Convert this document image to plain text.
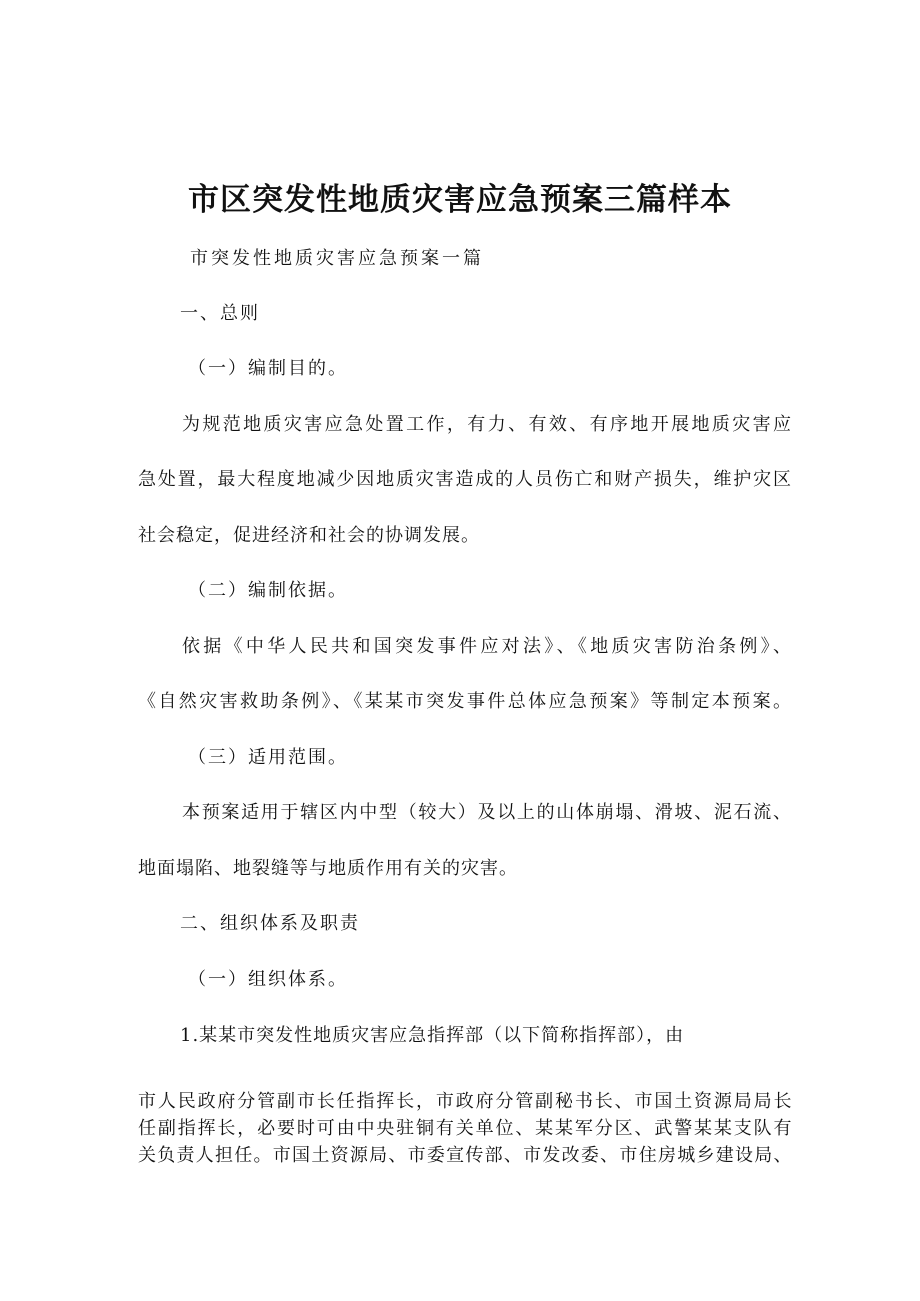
市区突发性地质灾害应急预案三篇样本

市突发性地质灾害应急预案一篇

一、总则

（一）编制目的。

为规范地质灾害应急处置工作，有力、有效、有序地开展地质灾害应

急处置，最大程度地减少因地质灾害造成的人员伤亡和财产损失，维护灾区

社会稳定，促进经济和社会的协调发展。

（二）编制依据。

依据《中华人民共和国突发事件应对法》、《地质灾害防治条例》、

《自然灾害救助条例》、《某某市突发事件总体应急预案》等制定本预案。

（三）适用范围。

本预案适用于辖区内中型（较大）及以上的山体崩塌、滑坡、泥石流、

地面塌陷、地裂缝等与地质作用有关的灾害。

二、组织体系及职责

（一）组织体系。

1.某某市突发性地质灾害应急指挥部（以下简称指挥部），由

市人民政府分管副市长任指挥长，市政府分管副秘书长、市国土资源局局长
任副指挥长，必要时可由中央驻铜有关单位、某某军分区、武警某某支队有
关负责人担任。市国土资源局、市委宣传部、市发改委、市住房城乡建设局、
